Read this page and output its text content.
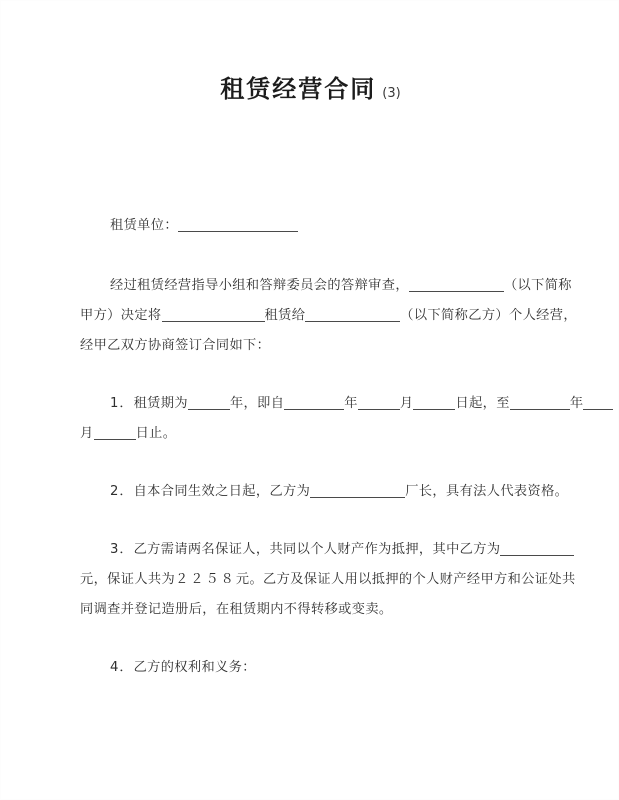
租赁经营合同 (3)
租赁单位：
经过租赁经营指导小组和答辩委员会的答辩审查，	（以下简称
甲方）决定将	租赁给	（以下简称乙方）个人经营，
经甲乙双方协商签订合同如下：
1．租赁期为	年，即自	年	月	日起，至	年
月	日止。
2．自本合同生效之日起，乙方为	厂长，具有法人代表资格。
3．乙方需请两名保证人，共同以个人财产作为抵押，其中乙方为
元，保证人共为２２５８元。乙方及保证人用以抵押的个人财产经甲方和公证处共
同调查并登记造册后，在租赁期内不得转移或变卖。
4．乙方的权利和义务：
